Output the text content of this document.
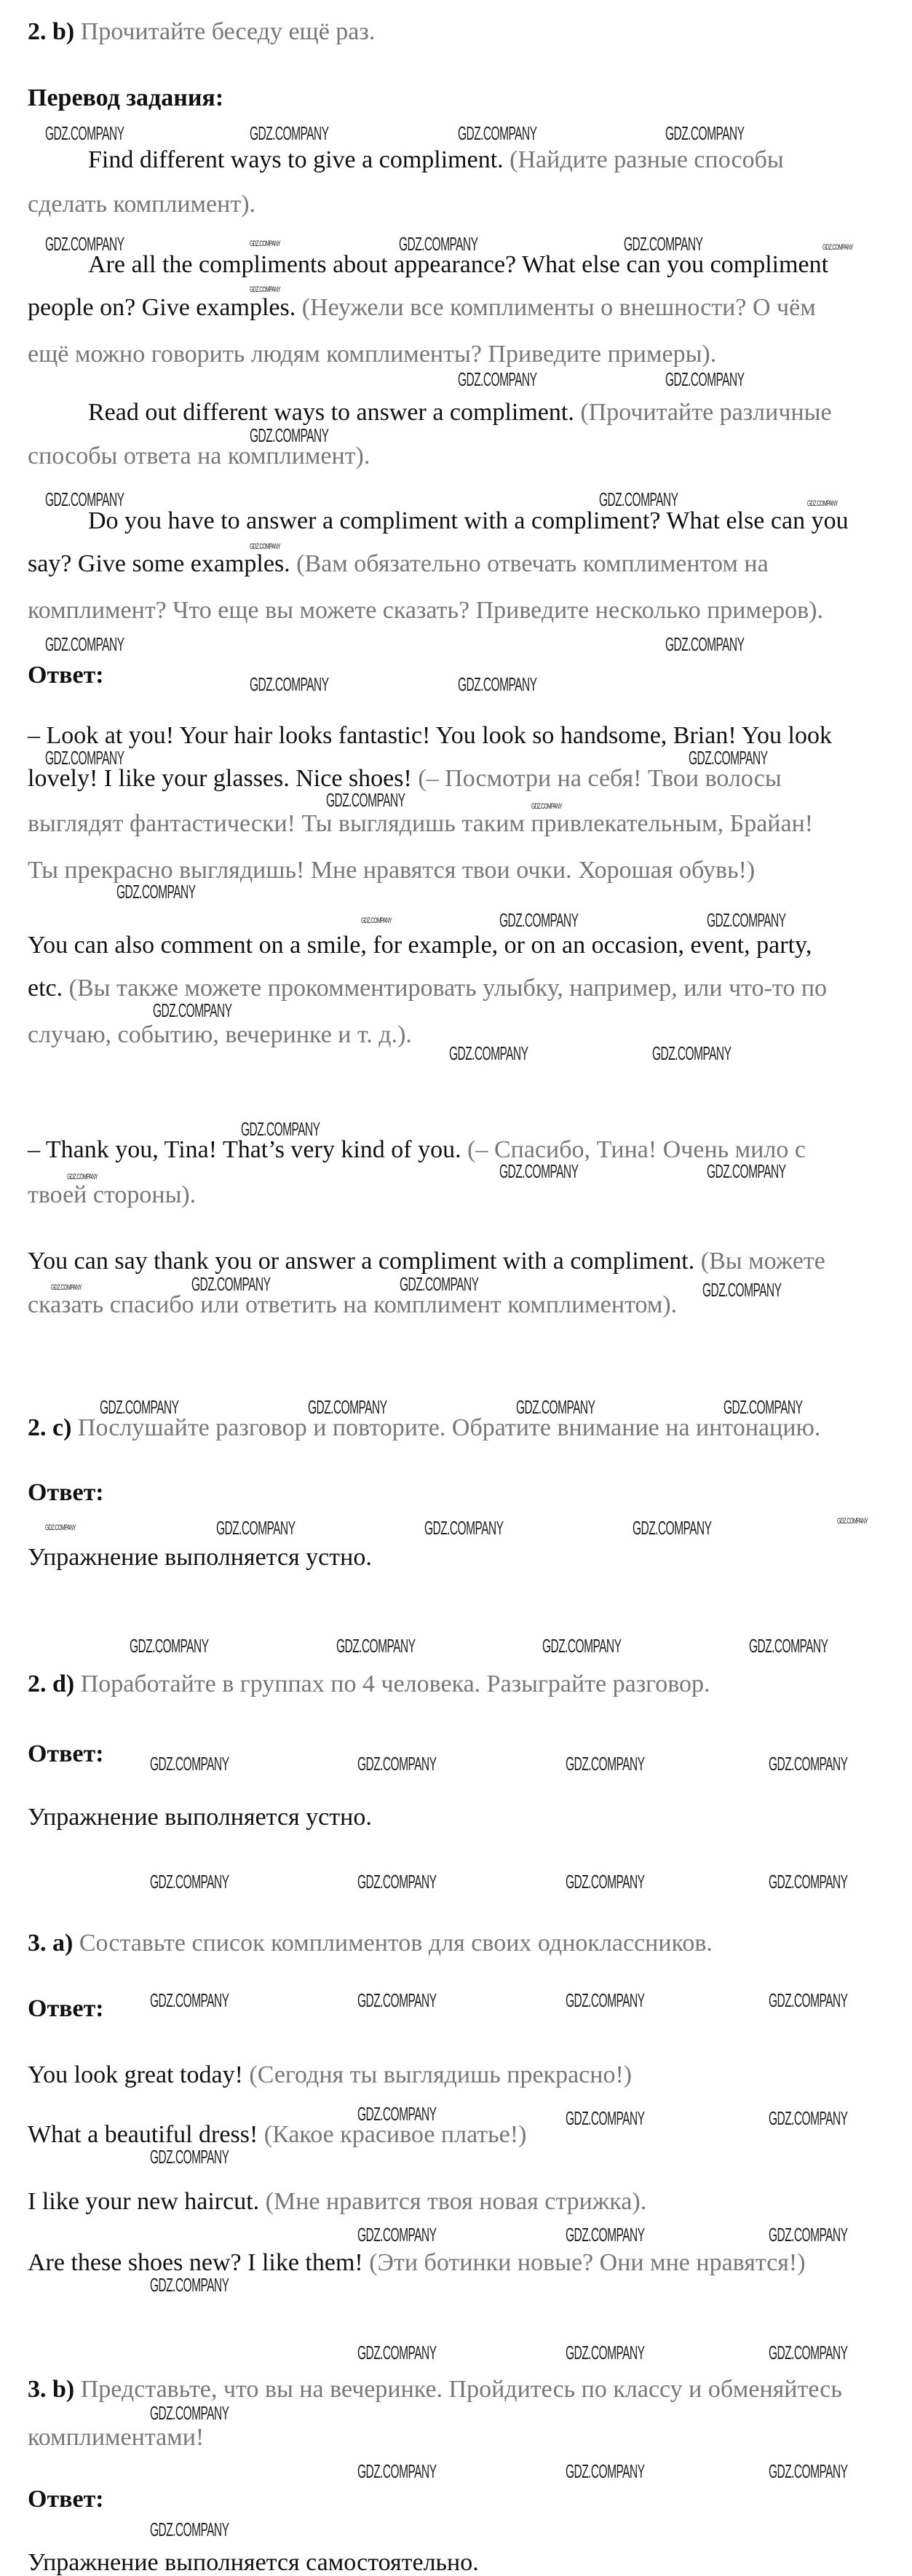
2. b) Прочитайте беседу ещё раз.
Перевод задания:
Find different ways to give a compliment. (Найдите разные способы
сделать комплимент).
Are all the compliments about appearance? What else can you compliment
people on? Give examples. (Неужели все комплименты о внешности? О чём
ещё можно говорить людям комплименты? Приведите примеры).
Read out different ways to answer a compliment. (Прочитайте различные
способы ответа на комплимент).
Do you have to answer a compliment with a compliment? What else can you
say? Give some examples. (Вам обязательно отвечать комплиментом на
комплимент? Что еще вы можете сказать? Приведите несколько примеров).
Ответ:
– Look at you! Your hair looks fantastic! You look so handsome, Brian! You look
lovely! I like your glasses. Nice shoes! (– Посмотри на себя! Твои волосы
выглядят фантастически! Ты выглядишь таким привлекательным, Брайан!
Ты прекрасно выглядишь! Мне нравятся твои очки. Хорошая обувь!)
You can also comment on a smile, for example, or on an occasion, event, party,
etc. (Вы также можете прокомментировать улыбку, например, или что-то по
случаю, событию, вечеринке и т. д.).
– Thank you, Tina! That’s very kind of you. (– Спасибо, Тина! Очень мило с
твоей стороны).
You can say thank you or answer a compliment with a compliment. (Вы можете
сказать спасибо или ответить на комплимент комплиментом).
2. c) Послушайте разговор и повторите. Обратите внимание на интонацию.
Ответ:
Упражнение выполняется устно.
2. d) Поработайте в группах по 4 человека. Разыграйте разговор.
Ответ:
Упражнение выполняется устно.
3. a) Составьте список комплиментов для своих одноклассников.
Ответ:
You look great today! (Сегодня ты выглядишь прекрасно!)
What a beautiful dress! (Какое красивое платье!)
I like your new haircut. (Мне нравится твоя новая стрижка).
Are these shoes new? I like them! (Эти ботинки новые? Они мне нравятся!)
3. b) Представьте, что вы на вечеринке. Пройдитесь по классу и обменяйтесь
комплиментами!
Ответ:
Упражнение выполняется самостоятельно.
GDZ.COMPANY	GDZ.COMPANY	GDZ.COMPANY	GDZ.COMPANY
GDZ.COMPANY	GDZ.COMPANY	GDZ.COMPANY	GDZ.COMPANY	GDZ.COMPANY
GDZ.COMPANY
GDZ.COMPANY	GDZ.COMPANY
GDZ.COMPANY
GDZ.COMPANY	GDZ.COMPANY	GDZ.COMPANY
GDZ.COMPANY
GDZ.COMPANY	GDZ.COMPANY
GDZ.COMPANY	GDZ.COMPANY
GDZ.COMPANY	GDZ.COMPANY
GDZ.COMPANY	GDZ.COMPANY
GDZ.COMPANY
GDZ.COMPANY	GDZ.COMPANY
GDZ.COMPANY
GDZ.COMPANY
GDZ.COMPANY	GDZ.COMPANY
GDZ.COMPANY
GDZ.COMPANY	GDZ.COMPANY
GDZ.COMPANY
GDZ.COMPANY	GDZ.COMPANY	GDZ.COMPANY
GDZ.COMPANY
GDZ.COMPANY	GDZ.COMPANY	GDZ.COMPANY	GDZ.COMPANY
GDZ.COMPANY	GDZ.COMPANY	GDZ.COMPANY	GDZ.COMPANY	GDZ.COMPANY
GDZ.COMPANY	GDZ.COMPANY	GDZ.COMPANY	GDZ.COMPANY
GDZ.COMPANY	GDZ.COMPANY	GDZ.COMPANY	GDZ.COMPANY
GDZ.COMPANY	GDZ.COMPANY	GDZ.COMPANY	GDZ.COMPANY
GDZ.COMPANY	GDZ.COMPANY	GDZ.COMPANY	GDZ.COMPANY
GDZ.COMPANY	GDZ.COMPANY	GDZ.COMPANY
GDZ.COMPANY
GDZ.COMPANY	GDZ.COMPANY	GDZ.COMPANY
GDZ.COMPANY
GDZ.COMPANY	GDZ.COMPANY	GDZ.COMPANY
GDZ.COMPANY
GDZ.COMPANY	GDZ.COMPANY	GDZ.COMPANY
GDZ.COMPANY
